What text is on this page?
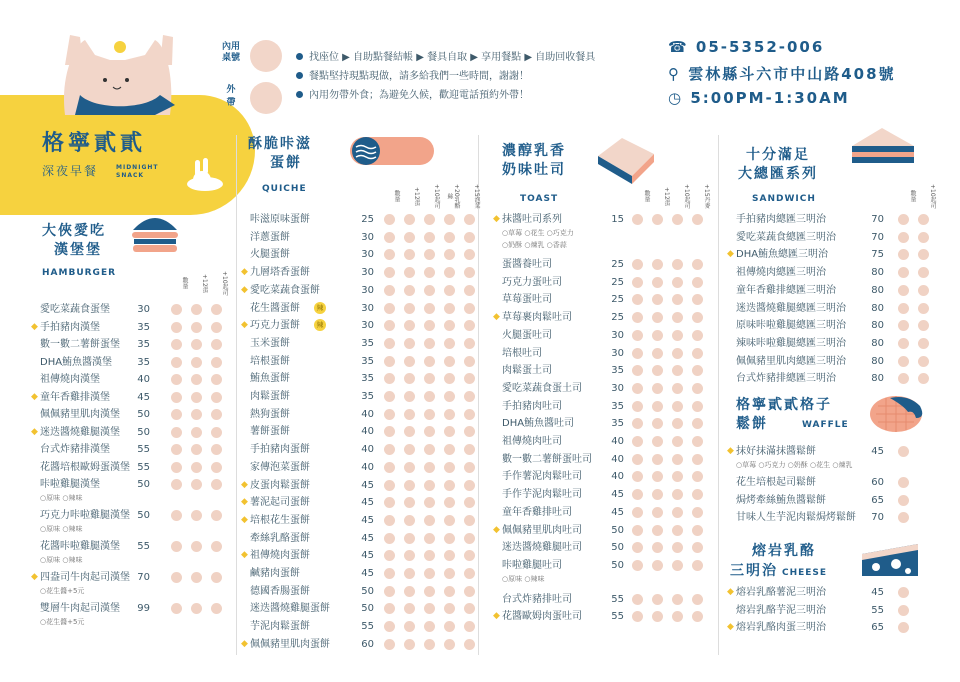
格寧貳貳
深夜早餐	MIDNIGHT
SNACK
內用
桌號
外
帶
找座位 ▶ 自助點餐結帳 ▶ 餐具自取 ▶ 享用餐點 ▶ 自助回收餐具
餐點堅持現點現做，請多給我們一些時間，謝謝！
內用勿帶外食；為避免久候，歡迎電話預約外帶！
☎ 05-5352-006
⚲ 雲林縣斗六市中山路408號
◷ 5:00PM-1:30AM
大俠愛吃
漢堡堡
HAMBURGER
數量	+12蛋	+10起司
愛吃菜蔬食蛋堡	30
◆ 手拍豬肉漢堡	35
數一數二薯餅蛋堡	35
DHA鮪魚醬漢堡	35
祖傳燒肉漢堡	40
◆ 童年香雞排漢堡	45
佩佩豬里肌肉漢堡	50
◆ 迷迭醬燒雞腿漢堡	50
台式炸豬排漢堡	55
花醬培根歐姆蛋漢堡 55
咔啦雞腿漢堡	50
○原味 ○辣味
巧克力咔啦雞腿漢堡 50
○原味 ○辣味
花醬咔啦雞腿漢堡	55
○原味 ○辣味
◆ 四盎司牛肉起司漢堡 70
○花生醬+5元
雙層牛肉起司漢堡	99
○花生醬+5元
酥脆咔滋
蛋餅
QUICHE
數量	+12蛋	+10起司	+20乳酪絲	+15泡菜
咔滋原味蛋餅	25
洋蔥蛋餅	30
火腿蛋餅	30
◆ 九層塔香蛋餅	30
◆ 愛吃菜蔬食蛋餅	30
花生醬蛋餅	30
辣
◆ 巧克力蛋餅	30
辣
玉米蛋餅	35
培根蛋餅	35
鮪魚蛋餅	35
肉鬆蛋餅	35
熱狗蛋餅	40
薯餅蛋餅	40
手拍豬肉蛋餅	40
家傳泡菜蛋餅	40
◆ 皮蛋肉鬆蛋餅	45
◆ 薯泥起司蛋餅	45
◆ 培根花生蛋餅	45
牽絲乳酪蛋餅	45
◆ 祖傳燒肉蛋餅	45
鹹豬肉蛋餅	45
德國香腸蛋餅	50
迷迭醬燒雞腿蛋餅	50
芋泥肉鬆蛋餅	55
◆ 佩佩豬里肌肉蛋餅	60
濃醇乳香
奶味吐司
TOAST	數量	+12蛋	+10起司	+15丹麥
◆ 抹醬吐司系列	15
○草莓 ○花生 ○巧克力
○奶酥 ○煉乳 ○香蒜
蛋醬養吐司	25
巧克力蛋吐司	25
草莓蛋吐司	25
◆ 草莓裹肉鬆吐司	25
火腿蛋吐司	30
培根吐司	30
肉鬆蛋土司	35
愛吃菜蔬食蛋土司	30
手拍豬肉吐司	35
DHA鮪魚醬吐司	35
祖傳燒肉吐司	40
數一數二薯餅蛋吐司	40
手作薯泥肉鬆吐司	40
手作芋泥肉鬆吐司	45
童年香雞排吐司	45
◆ 佩佩豬里肌肉吐司	50
迷迭醬燒雞腿吐司	50
咔啦雞腿吐司	50
○原味 ○辣味
台式炸豬排吐司	55
◆ 花醬歐姆肉蛋吐司	55
十分滿足
大總匯系列
SANDWICH	數量	+10起司
手拍豬肉總匯三明治	70
愛吃菜蔬食總匯三明治	70
◆ DHA鮪魚總匯三明治	75
祖傳燒肉總匯三明治	80
童年香雞排總匯三明治	80
迷迭醬燒雞腿總匯三明治	80
原味咔啦雞腿總匯三明治	80
辣味咔啦雞腿總匯三明治	80
佩佩豬里肌肉總匯三明治	80
台式炸豬排總匯三明治	80
格寧貳貳格子
鬆餅	WAFFLE
◆ 抹好抹滿抹醬鬆餅	45
○草莓 ○巧克力 ○奶酥 ○花生 ○煉乳
花生培根起司鬆餅	60
焗烤牽絲鮪魚醬鬆餅	65
甘味人生芋泥肉鬆焗烤鬆餅	70
熔岩乳酪
三明治 CHEESE
◆ 熔岩乳酪薯泥三明治	45
熔岩乳酪芋泥三明治	55
◆ 熔岩乳酪肉蛋三明治	65
